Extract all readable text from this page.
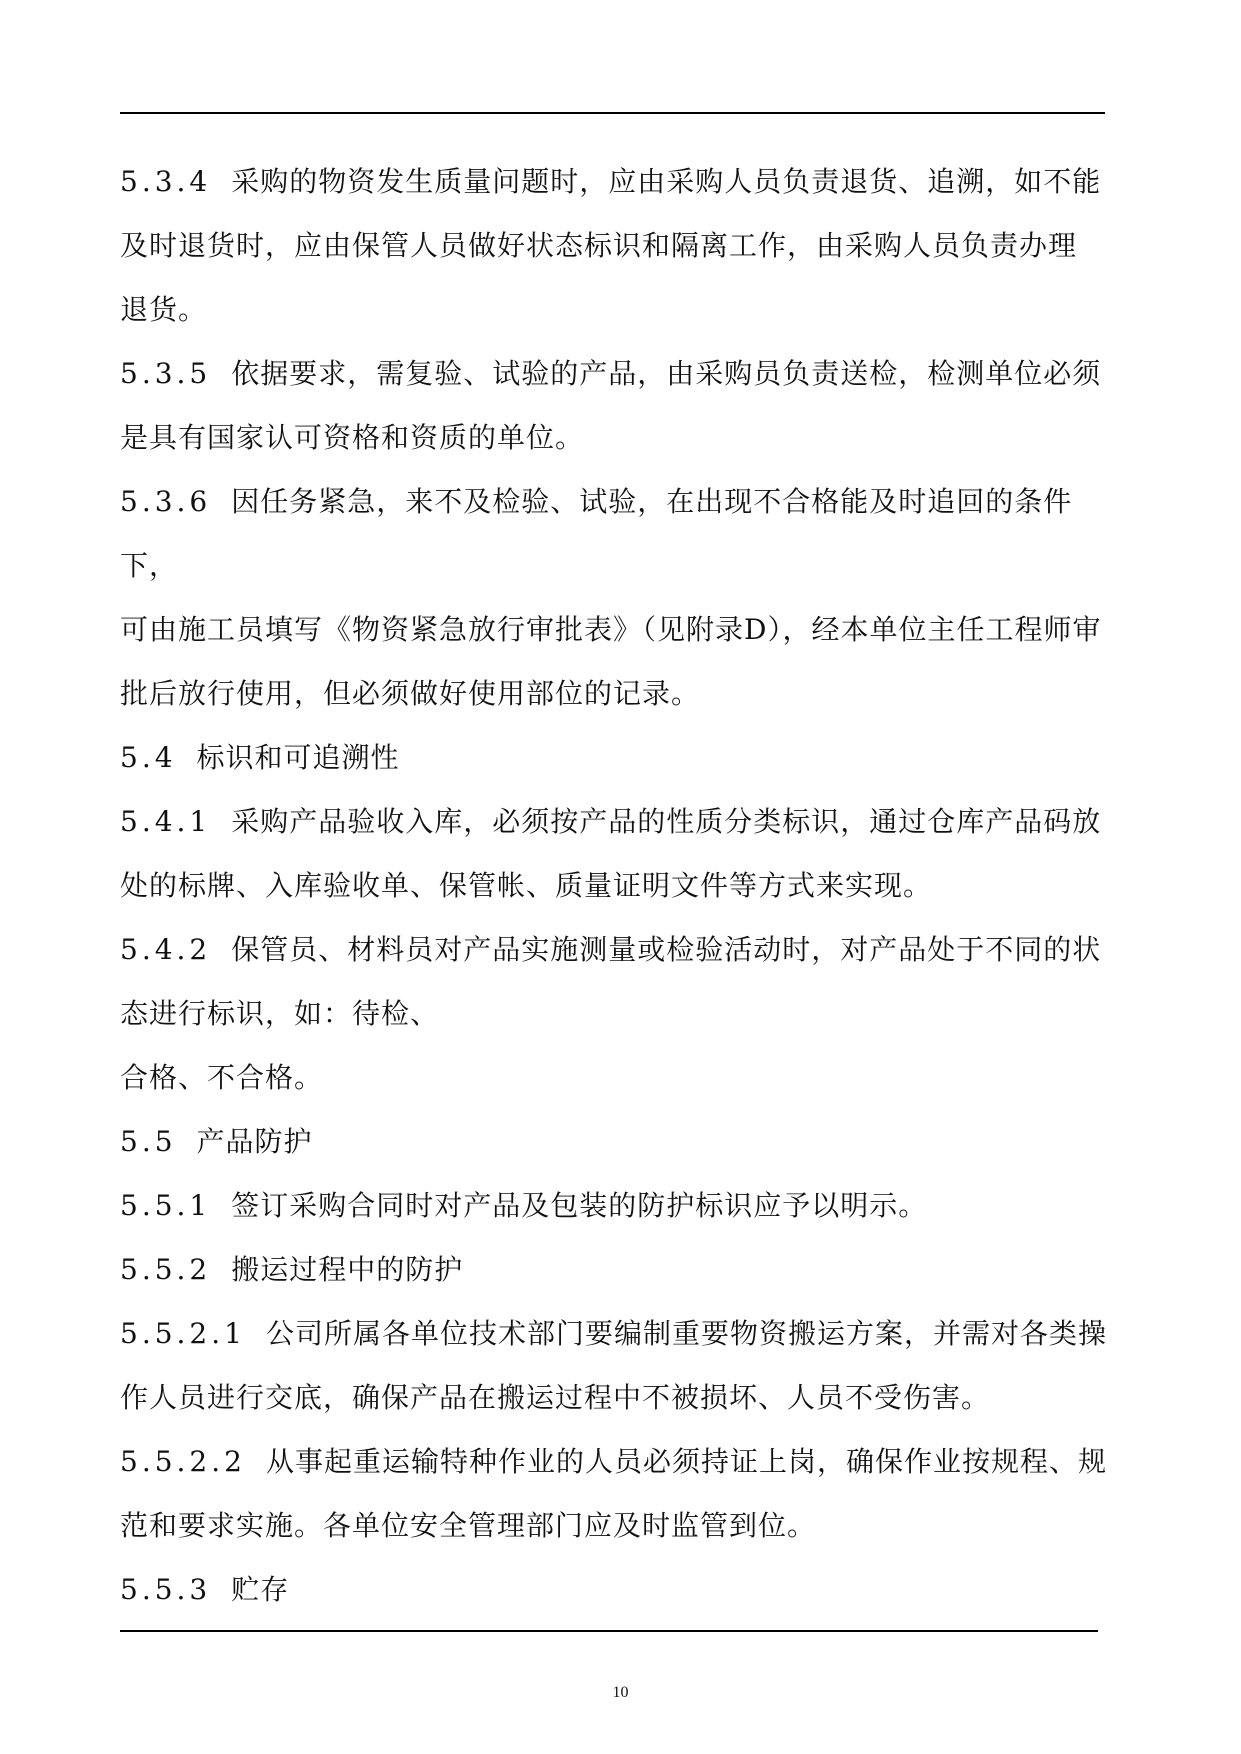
5.3.4 采购的物资发生质量问题时，应由采购人员负责退货、追溯，如不能
及时退货时，应由保管人员做好状态标识和隔离工作，由采购人员负责办理
退货。
5.3.5 依据要求，需复验、试验的产品，由采购员负责送检，检测单位必须
是具有国家认可资格和资质的单位。
5.3.6 因任务紧急，来不及检验、试验，在出现不合格能及时追回的条件下，
可由施工员填写《物资紧急放行审批表》（见附录D），经本单位主任工程师审
批后放行使用，但必须做好使用部位的记录。
5.4 标识和可追溯性
5.4.1 采购产品验收入库，必须按产品的性质分类标识，通过仓库产品码放
处的标牌、入库验收单、保管帐、质量证明文件等方式来实现。
5.4.2 保管员、材料员对产品实施测量或检验活动时，对产品处于不同的状
态进行标识，如：待检、
合格、不合格。
5.5 产品防护
5.5.1 签订采购合同时对产品及包装的防护标识应予以明示。
5.5.2 搬运过程中的防护
5.5.2.1 公司所属各单位技术部门要编制重要物资搬运方案，并需对各类操
作人员进行交底，确保产品在搬运过程中不被损坏、人员不受伤害。
5.5.2.2 从事起重运输特种作业的人员必须持证上岗，确保作业按规程、规
范和要求实施。各单位安全管理部门应及时监管到位。
5.5.3 贮存
10
